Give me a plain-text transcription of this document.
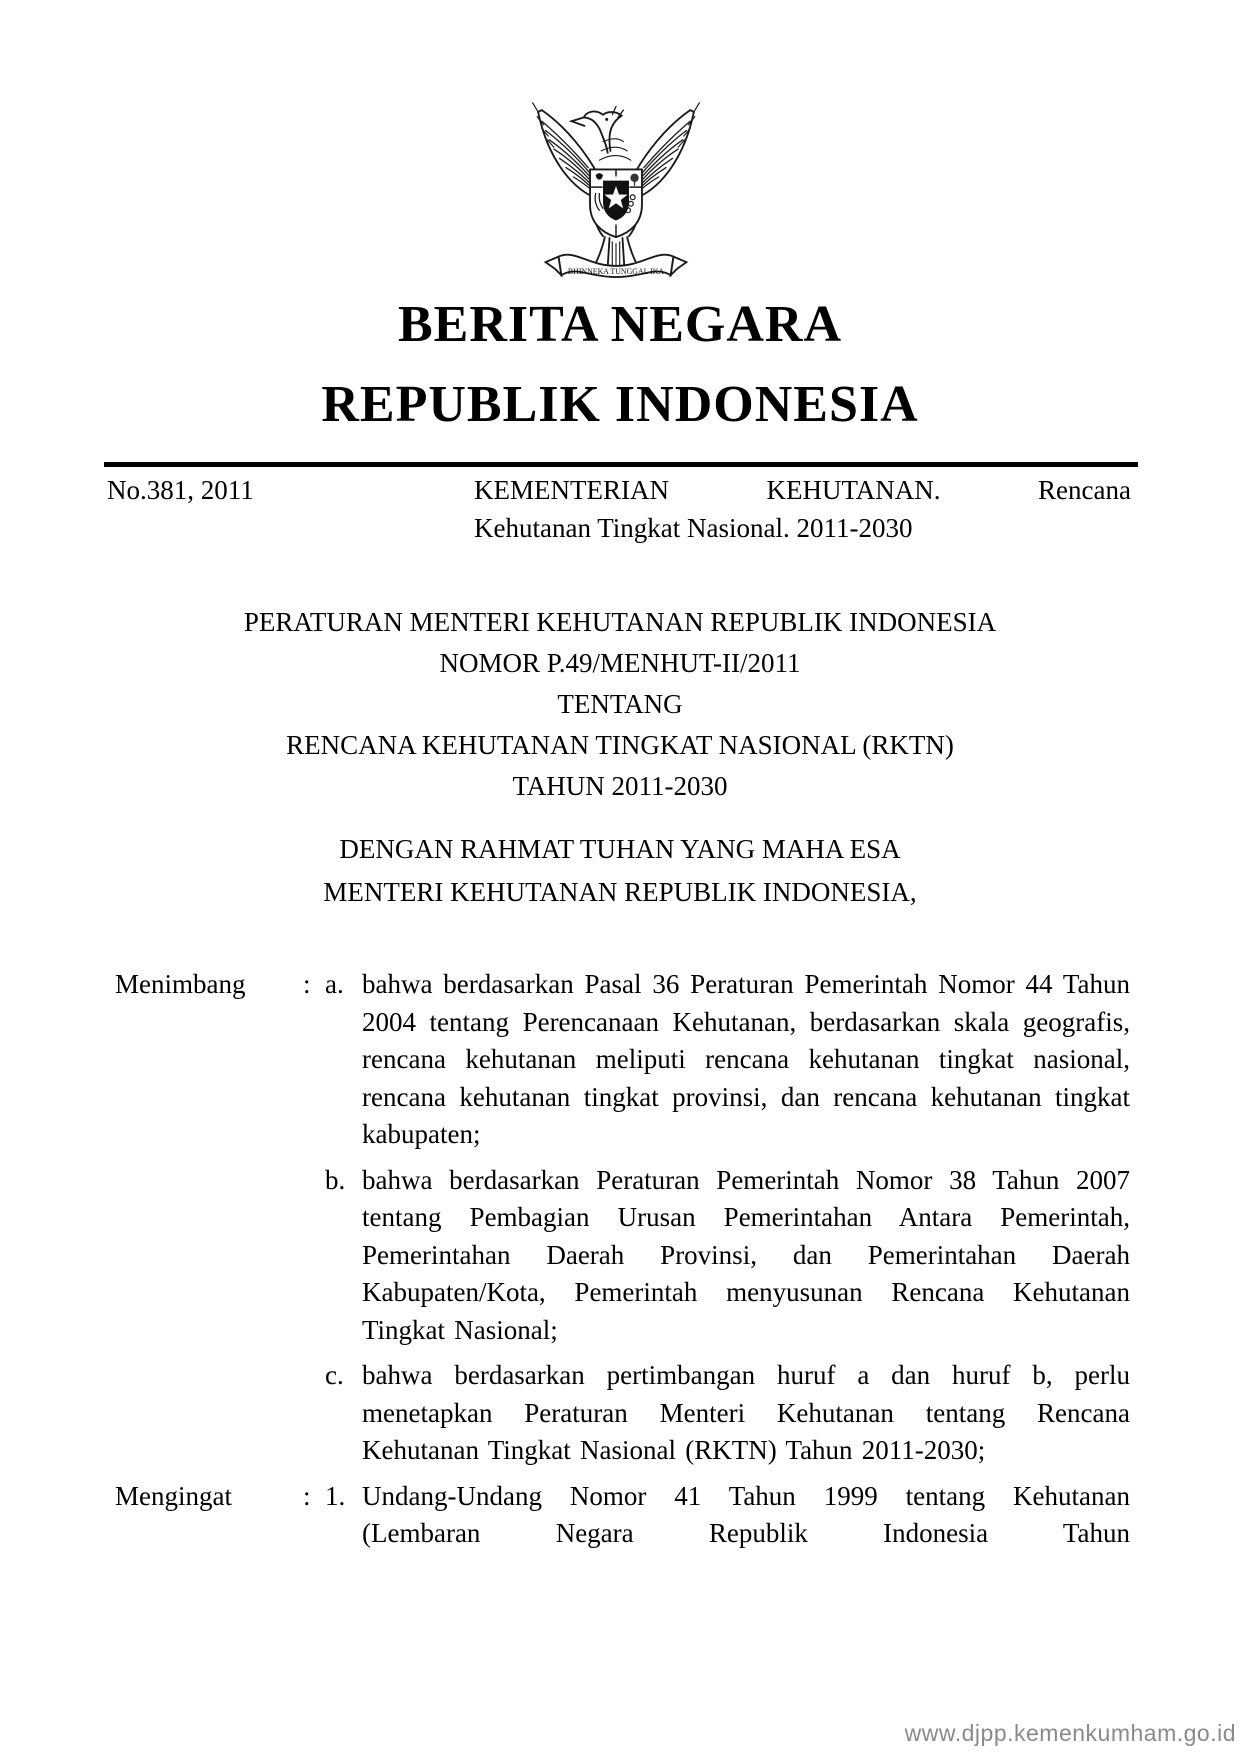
BHINNEKA TUNGGAL IKA
BERITA NEGARA
REPUBLIK INDONESIA
No.381, 2011	KEMENTERIAN KEHUTANAN. Rencana
Kehutanan Tingkat Nasional. 2011-2030
PERATURAN MENTERI KEHUTANAN REPUBLIK INDONESIA
NOMOR P.49/MENHUT-II/2011
TENTANG
RENCANA KEHUTANAN TINGKAT NASIONAL (RKTN)
TAHUN 2011-2030
DENGAN RAHMAT TUHAN YANG MAHA ESA
MENTERI KEHUTANAN REPUBLIK INDONESIA,
Menimbang	: a. bahwa berdasarkan Pasal 36 Peraturan Pemerintah Nomor 44 Tahun 2004 tentang Perencanaan Kehutanan, berdasarkan skala geografis, rencana kehutanan meliputi rencana kehutanan tingkat nasional, rencana kehutanan tingkat provinsi, dan rencana kehutanan tingkat kabupaten;
b. bahwa berdasarkan Peraturan Pemerintah Nomor 38 Tahun 2007 tentang Pembagian Urusan Pemerintahan Antara Pemerintah, Pemerintahan Daerah Provinsi, dan Pemerintahan Daerah Kabupaten/Kota, Pemerintah menyusunan Rencana Kehutanan Tingkat Nasional;
c. bahwa berdasarkan pertimbangan huruf a dan huruf b, perlu menetapkan Peraturan Menteri Kehutanan tentang Rencana Kehutanan Tingkat Nasional (RKTN) Tahun 2011-2030;
Mengingat	: 1. Undang-Undang Nomor 41 Tahun 1999 tentang Kehutanan (Lembaran Negara Republik Indonesia Tahun
www.djpp.kemenkumham.go.id
